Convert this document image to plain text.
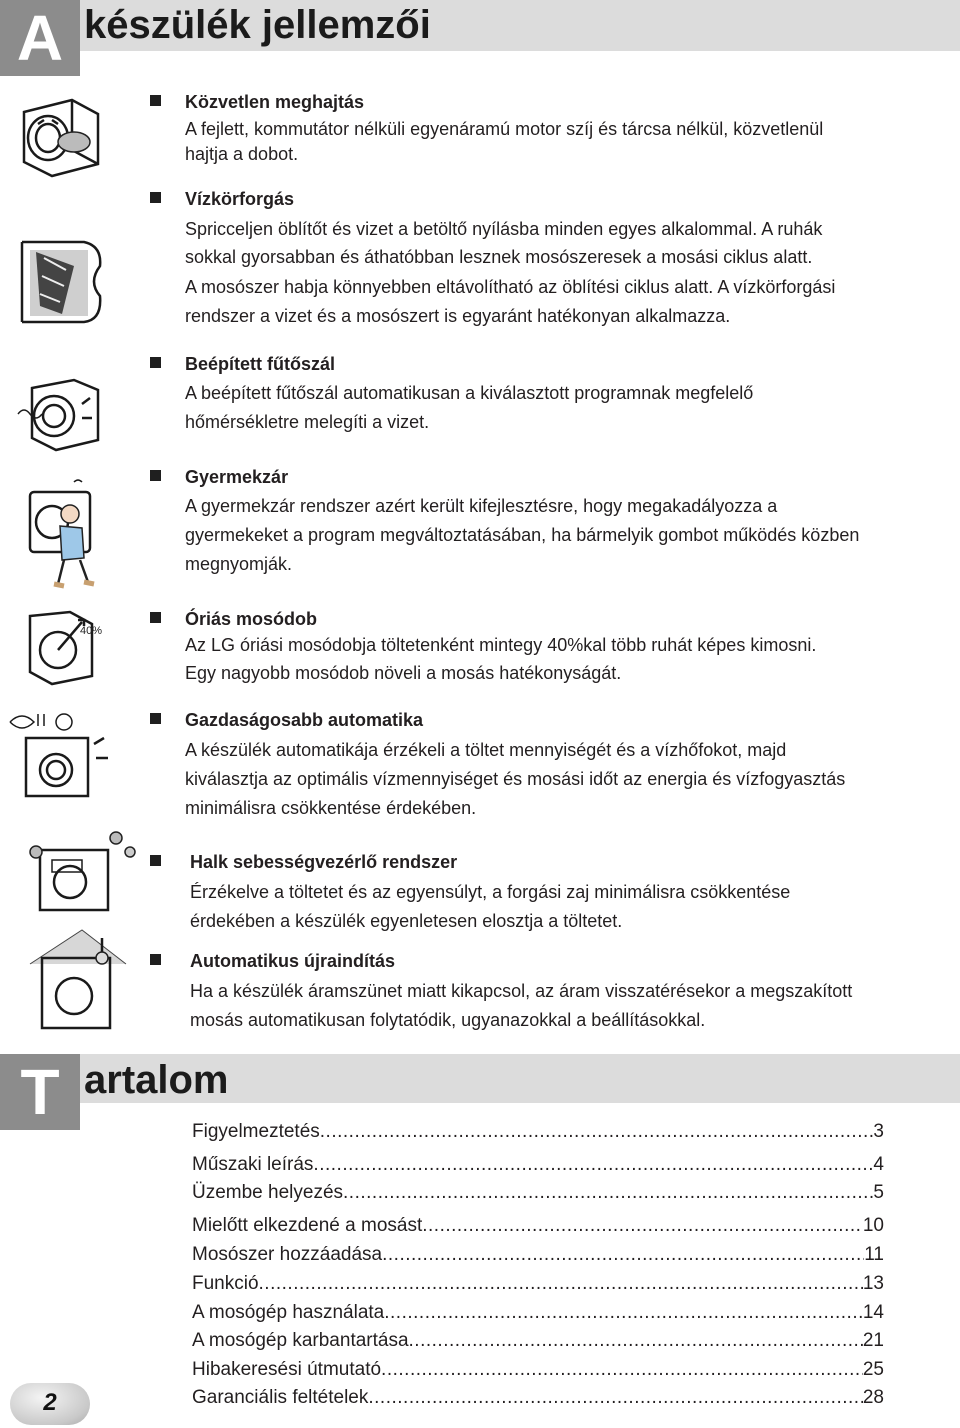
A készülék jellemzői
40%
Közvetlen meghajtás
A fejlett, kommutátor nélküli egyenáramú motor szíj és tárcsa nélkül, közvetlenül
hajtja a dobot.
Vízkörforgás
Spricceljen öblítőt és vizet a betöltő nyílásba minden egyes alkalommal. A ruhák
sokkal gyorsabban és áthatóbban lesznek mosószeresek a mosási ciklus alatt.
A mosószer habja könnyebben eltávolítható az öblítési ciklus alatt. A vízkörforgási
rendszer a vizet és a mosószert is egyaránt hatékonyan alkalmazza.
Beépített fűtőszál
A beépített fűtőszál automatikusan a kiválasztott programnak megfelelő
hőmérsékletre melegíti a vizet.
Gyermekzár
A gyermekzár rendszer azért került kifejlesztésre, hogy megakadályozza a
gyermekeket a program megváltoztatásában, ha bármelyik gombot működés közben
megnyomják.
Óriás mosódob
Az LG óriási mosódobja töltetenként mintegy 40%kal több ruhát képes kimosni.
Egy nagyobb mosódob növeli a mosás hatékonyságát.
Gazdaságosabb automatika
A készülék automatikája érzékeli a töltet mennyiségét és a vízhőfokot, majd
kiválasztja az optimális vízmennyiséget és mosási időt az energia és vízfogyasztás
minimálisra csökkentése érdekében.
Halk sebességvezérlő rendszer
Érzékelve a töltetet és az egyensúlyt, a forgási zaj minimálisra csökkentése
érdekében a készülék egyenletesen elosztja a töltetet.
Automatikus újraindítás
Ha a készülék áramszünet miatt kikapcsol, az áram visszatérésekor a megszakított
mosás automatikusan folytatódik, ugyanazokkal a beállításokkal.
T artalom
Figyelmeztetés .....	3
Műszaki leírás .....	4
Üzembe helyezés .....	5
Mielőtt elkezdené a mosást .....	10
Mosószer hozzáadása .....	11
Funkció .....	13
A mosógép használata .....	14
A mosógép karbantartása .....	21
Hibakeresési útmutató .....	25
Garanciális feltételek .....	28
2
